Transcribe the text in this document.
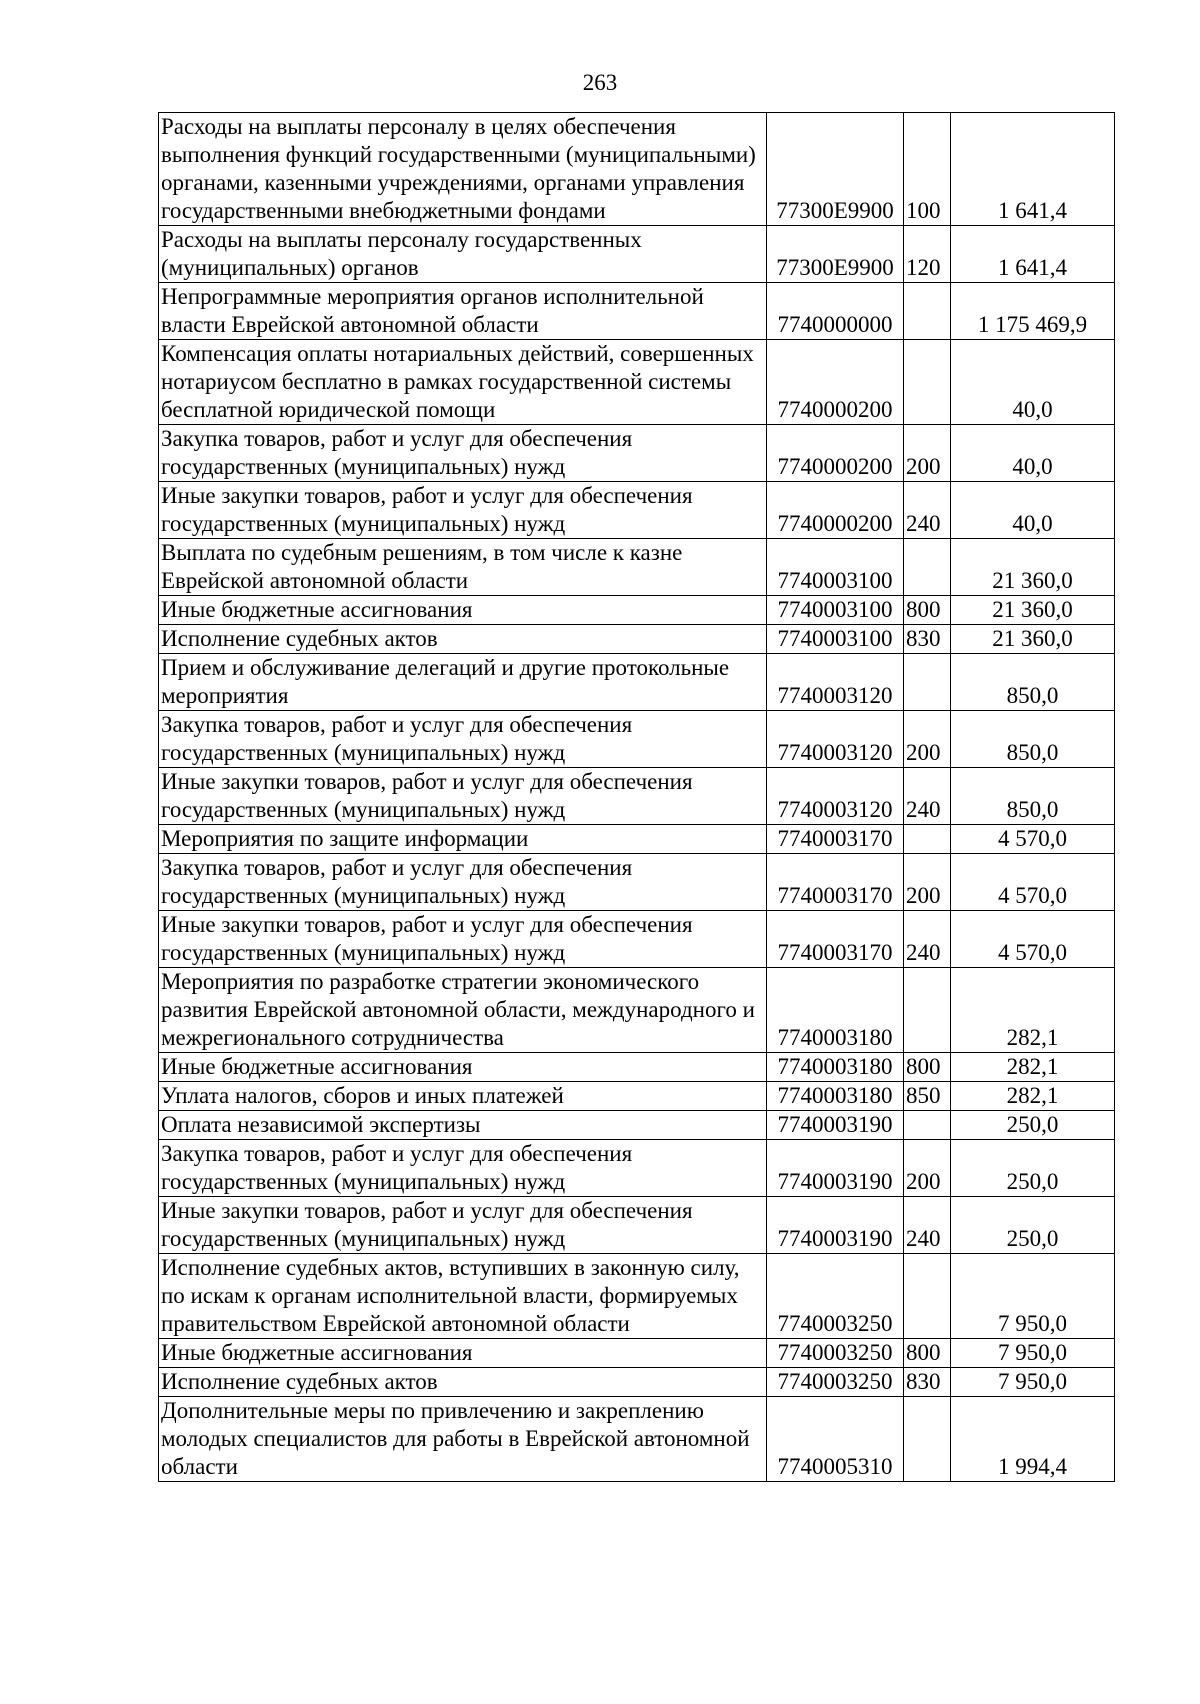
263
Расходы на выплаты персоналу в целях обеспечения выполнения функций государственными (муниципальными) органами, казенными учреждениями, органами управления государственными внебюджетными фондами	77300E9900	100	1 641,4
Расходы на выплаты персоналу государственных (муниципальных) органов	77300E9900	120	1 641,4
Непрограммные мероприятия органов исполнительной власти Еврейской автономной области	7740000000		1 175 469,9
Компенсация оплаты нотариальных действий, совершенных нотариусом бесплатно в рамках государственной системы бесплатной юридической помощи	7740000200		40,0
Закупка товаров, работ и услуг для обеспечения государственных (муниципальных) нужд	7740000200	200	40,0
Иные закупки товаров, работ и услуг для обеспечения государственных (муниципальных) нужд	7740000200	240	40,0
Выплата по судебным решениям, в том числе к казне Еврейской автономной области	7740003100		21 360,0
Иные бюджетные ассигнования	7740003100	800	21 360,0
Исполнение судебных актов	7740003100	830	21 360,0
Прием и обслуживание делегаций и другие протокольные мероприятия	7740003120		850,0
Закупка товаров, работ и услуг для обеспечения государственных (муниципальных) нужд	7740003120	200	850,0
Иные закупки товаров, работ и услуг для обеспечения государственных (муниципальных) нужд	7740003120	240	850,0
Мероприятия по защите информации	7740003170		4 570,0
Закупка товаров, работ и услуг для обеспечения государственных (муниципальных) нужд	7740003170	200	4 570,0
Иные закупки товаров, работ и услуг для обеспечения государственных (муниципальных) нужд	7740003170	240	4 570,0
Мероприятия по разработке стратегии экономического развития Еврейской автономной области, международного и межрегионального сотрудничества	7740003180		282,1
Иные бюджетные ассигнования	7740003180	800	282,1
Уплата налогов, сборов и иных платежей	7740003180	850	282,1
Оплата независимой экспертизы	7740003190		250,0
Закупка товаров, работ и услуг для обеспечения государственных (муниципальных) нужд	7740003190	200	250,0
Иные закупки товаров, работ и услуг для обеспечения государственных (муниципальных) нужд	7740003190	240	250,0
Исполнение судебных актов, вступивших в законную силу, по искам к органам исполнительной власти, формируемых правительством Еврейской автономной области	7740003250		7 950,0
Иные бюджетные ассигнования	7740003250	800	7 950,0
Исполнение судебных актов	7740003250	830	7 950,0
Дополнительные меры по привлечению и закреплению молодых специалистов для работы в Еврейской автономной области	7740005310		1 994,4
